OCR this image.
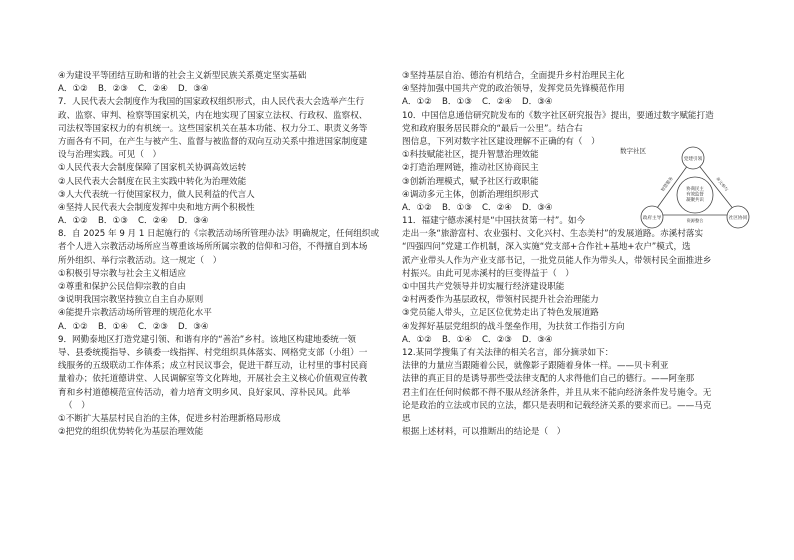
④为建设平等团结互助和谐的社会主义新型民族关系奠定坚实基础
A．①② B．②③ C．②④ D．③④
7．人民代表大会制度作为我国的国家政权组织形式，由人民代表大会选举产生行
政、监察、审判、检察等国家机关，内在地实现了国家立法权、行政权、监察权、
司法权等国家权力的有机统一。这些国家机关在基本功能、权力分工、职责义务等
方面各有不同，在产生与被产生、监督与被监督的双向互动关系中推进国家制度建
设与治理实践。可见（　）
①人民代表大会制度保障了国家机关协调高效运转
②人民代表大会制度在民主实践中转化为治理效能
③人大代表统一行使国家权力，做人民利益的代言人
④坚持人民代表大会制度发挥中央和地方两个积极性
A．①② B．①③ C．②④ D．③④
8．自 2025 年 9 月 1 日起施行的《宗教活动场所管理办法》明确规定，任何组织或
者个人进入宗教活动场所应当尊重该场所所属宗教的信仰和习俗，不得擅自到本场
所外组织、举行宗教活动。这一规定（　）
①积极引导宗教与社会主义相适应
②尊重和保护公民信仰宗教的自由
③说明我国宗教坚持独立自主自办原则
④能提升宗教活动场所管理的规范化水平
A．①② B．①④ C．②③ D．③④
9．网勤泰地区打造党建引领、和谐有序的“善治”乡村。该地区构建地委统一领
导、县委统揽指导、乡镇委一线指挥、村党组织具体落实、网格党支部（小组）一
线服务的五级联动工作体系；成立村民议事会，促进干群互动，让村里的事村民商
量着办；依托道德讲堂、人民调解室等文化阵地，开展社会主义核心价值观宣传教
育和乡村道德模范宣传活动，着力培育文明乡风、良好家风、淳朴民风。此举
（　）
①不断扩大基层村民自治的主体，促进乡村治理新格局形成
②把党的组织优势转化为基层治理效能
③坚持基层自治、德治有机结合，全面提升乡村治理民主化
④坚持加强中国共产党的政治领导，发挥党员先锋模范作用
A．①② B．①③ C．②④ D．③④
10．中国信息通信研究院发布的《数字社区研究报告》提出，要通过数字赋能打造
党和政府服务居民群众的“最后一公里”。结合右
图信息，下列对数字社区建设理解不正确的有（　）
①科技赋能社区，提升智慧治理效能
②打造治理网链，推动社区协商民主
③创新治理模式，赋予社区行政职能
④调动多元主体，创新治理组织形式
A．①② B．①③ C．②④ D．③④
11．福建宁德赤溪村是“中国扶贫第一村”。如今
走出一条“旅游富村、农业强村、文化兴村、生态美村”的发展道路。赤溪村落实
“四强四问”党建工作机制，深入实施“党支部+合作社+基地+农户”模式，选
派产业带头人作为产业支部书记，一批党员能人作为带头人，带领村民全面推进乡
村振兴。由此可见赤溪村的巨变得益于（　）
①中国共产党领导并切实履行经济建设职能
②村两委作为基层政权，带领村民提升社会治理能力
③党员能人带头，立足区位优势走出了特色发展道路
④发挥好基层党组织的战斗堡垒作用，为扶贫工作指引方向
A．①② B．①④ C．②③ D．③④
12.某同学搜集了有关法律的相关名言，部分摘录如下：
法律的力量应当跟随着公民，就像影子跟随着身体一样。——贝卡利亚
法律的真正目的是诱导那些受法律支配的人求得他们自己的德行。——阿奎那
君主们在任何时候都不得不服从经济条件，并且从来不能向经济条件发号施令。无
论是政治的立法或市民的立法，都只是表明和记载经济关系的要求而已。——马克
思
根据上述材料，可以推断出的结论是（　）
数字社区
协商民主有效监督凝聚共识
党建引领
政府主导	社区协同
智慧服务	多元参与
资源整合
